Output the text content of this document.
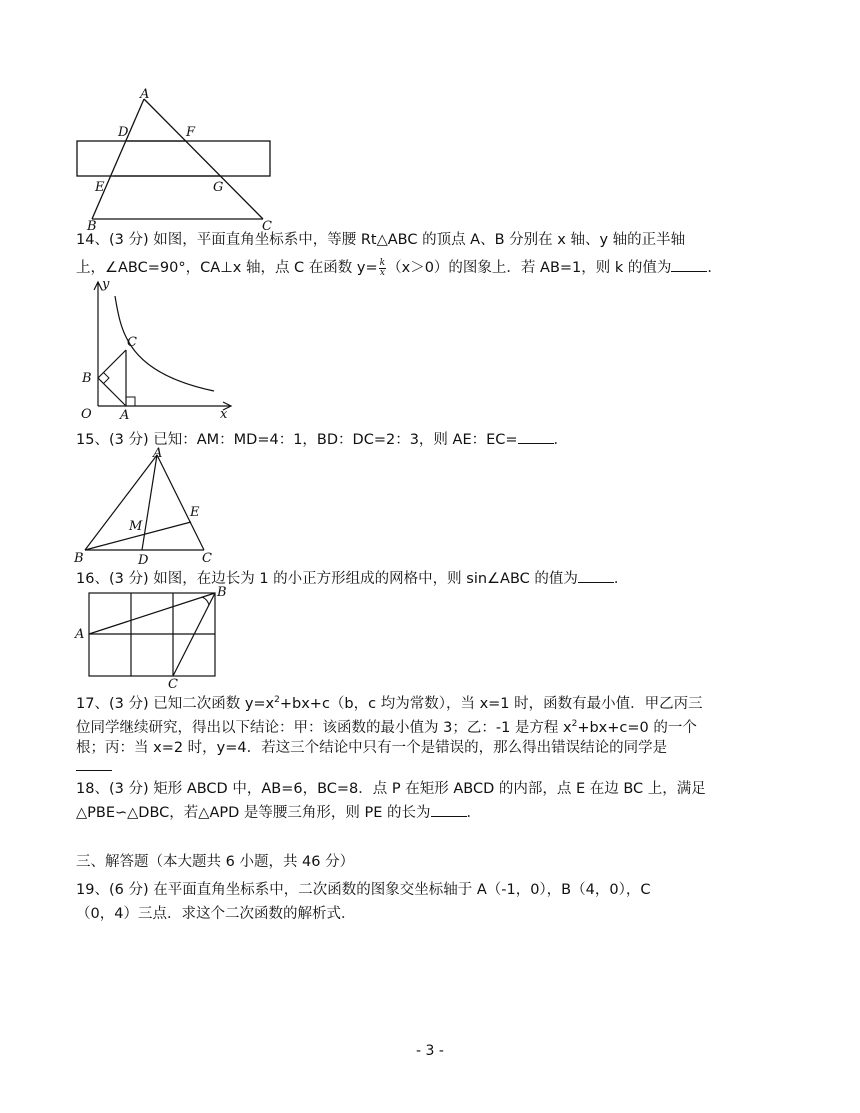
A
D	F
E	G
B	C
14、(3 分) 如图，平面直角坐标系中，等腰 Rt△ABC 的顶点 A、B 分别在 x 轴、y 轴的正半轴
上，∠ABC=90°，CA⊥x 轴，点 C 在函数 $y= \frac{k}{x} (x>0)$的图象上．若 AB=1，则 k 的值为 ．
y
x
O A
B
C
15、(3 分) 已知：AM：MD=4：1，BD：DC=2：3，则 AE：EC= ．
A
B	C
D
E
M
16、(3 分) 如图，在边长为 1 的小正方形组成的网格中，则 sin∠ABC 的值为 ．
B
A
C
17、(3 分) 已知二次函数 $y=x^2+bx+c(b$，c 均为常数），当 x=1 时，函数有最小值．甲乙丙三
位同学继续研究，得出以下结论：甲：该函数的最小值为 3；乙：-1 是方程 $x^2+bx+c=0$ 的一个
根；丙：当 x=2 时，y=4．若这三个结论中只有一个是错误的，那么得出错误结论的同学是
18、(3 分) 矩形 ABCD 中，AB=6，BC=8．点 P 在矩形 ABCD 的内部，点 E 在边 BC 上，满足
△PBE∽△DBC，若△APD 是等腰三角形，则 PE 的长为 ．
三、解答题（本大题共 6 小题，共 46 分）
19、(6 分) 在平面直角坐标系中，二次函数的图象交坐标轴于 A（-1，0），B（4，0），C
（0，4）三点．求这个二次函数的解析式．
- 3 -
